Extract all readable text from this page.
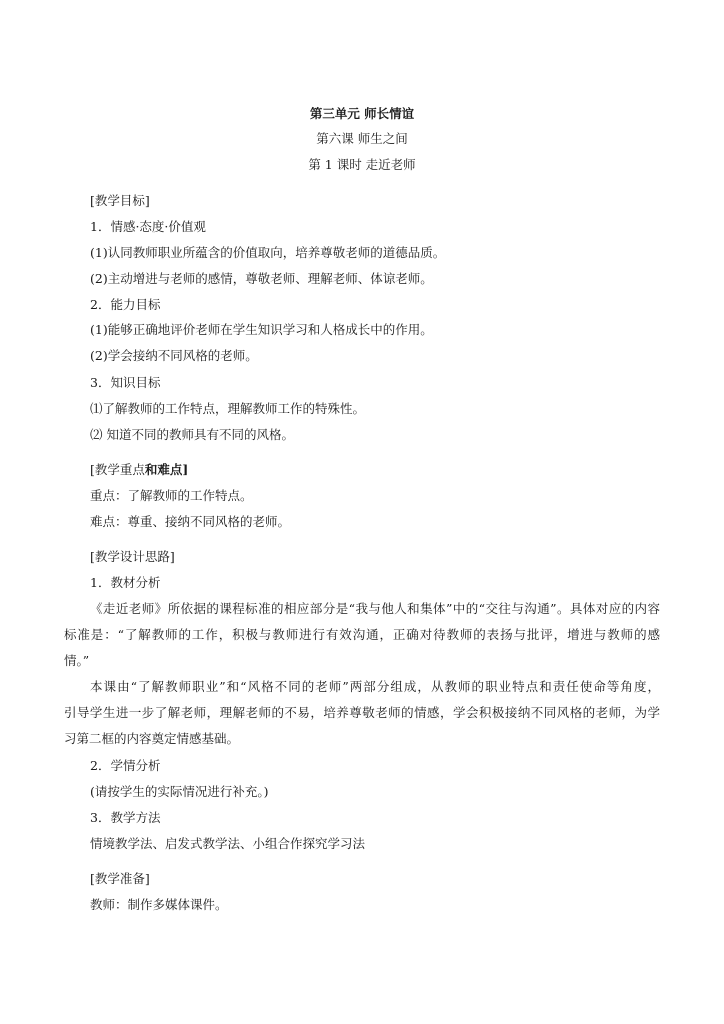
第三单元 师长情谊
第六课 师生之间
第 1 课时 走近老师
[教学目标]
1．情感·态度·价值观
(1)认同教师职业所蕴含的价值取向，培养尊敬老师的道德品质。
(2)主动增进与老师的感情，尊敬老师、理解老师、体谅老师。
2．能力目标
(1)能够正确地评价老师在学生知识学习和人格成长中的作用。
(2)学会接纳不同风格的老师。
3．知识目标
⑴了解教师的工作特点，理解教师工作的特殊性。
⑵ 知道不同的教师具有不同的风格。
[教学重点和难点]
重点：了解教师的工作特点。
难点：尊重、接纳不同风格的老师。
[教学设计思路]
1．教材分析
《走近老师》所依据的课程标准的相应部分是“我与他人和集体”中的“交往与沟通”。具体对应的内容
标准是：“了解教师的工作，积极与教师进行有效沟通，正确对待教师的表扬与批评，增进与教师的感
情。”
本课由“了解教师职业”和“风格不同的老师”两部分组成，从教师的职业特点和责任使命等角度，
引导学生进一步了解老师，理解老师的不易，培养尊敬老师的情感，学会积极接纳不同风格的老师，为学
习第二框的内容奠定情感基础。
2．学情分析
(请按学生的实际情况进行补充。)
3．教学方法
情境教学法、启发式教学法、小组合作探究学习法
[教学准备]
教师：制作多媒体课件。
